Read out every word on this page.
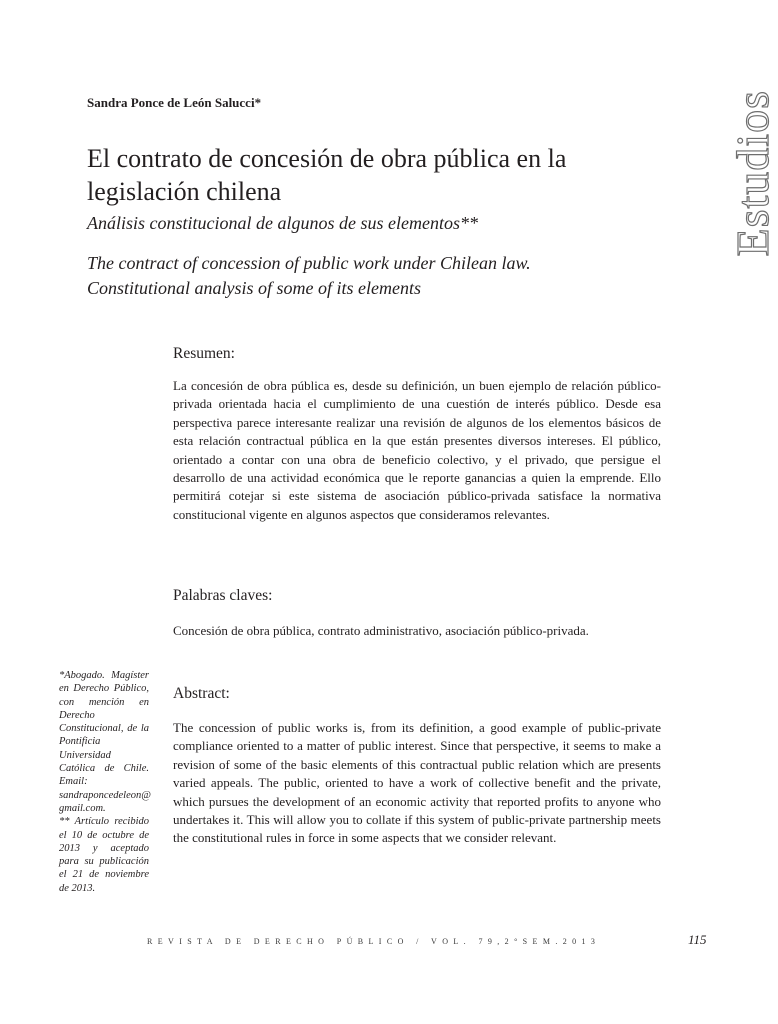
Sandra Ponce de León Salucci*	Estudios
El contrato de concesión de obra pública en la legislación chilena
Análisis constitucional de algunos de sus elementos**
The contract of concession of public work under Chilean law.
Constitutional analysis of some of its elements
Resumen:
La concesión de obra pública es, desde su definición, un buen ejemplo de relación público-privada orientada hacia el cumplimiento de una cuestión de interés público. Desde esa perspectiva parece interesante realizar una revisión de algunos de los elementos básicos de esta relación contractual pública en la que están presentes diversos intereses. El público, orientado a contar con una obra de beneficio colectivo, y el privado, que persigue el desarrollo de una actividad económica que le reporte ganancias a quien la emprende. Ello permitirá cotejar si este sistema de asociación público-privada satisface la normativa constitucional vigente en algunos aspectos que consideramos relevantes.
Palabras claves:
Concesión de obra pública, contrato administrativo, asociación público-privada.
Abstract:
The concession of public works is, from its definition, a good example of public-private compliance oriented to a matter of public interest. Since that perspective, it seems to make a revision of some of the basic elements of this contractual public relation which are presents varied appeals. The public, oriented to have a work of collective benefit and the private, which pursues the development of an economic activity that reported profits to anyone who undertakes it. This will allow you to collate if this system of public-private partnership meets the constitutional rules in force in some aspects that we consider relevant.

*Abogado. Magíster en Derecho Público, con mención en Derecho Constitucional, de la Pontificia Universidad Católica de Chile. Email: sandraponcedeleon@ gmail.com.

** Artículo recibido el 10 de octubre de 2013 y aceptado para su publicación el 21 de noviembre de 2013.

REVISTA DE DERECHO PÚBLICO / VOL. 79,2°SEM.2013	115
